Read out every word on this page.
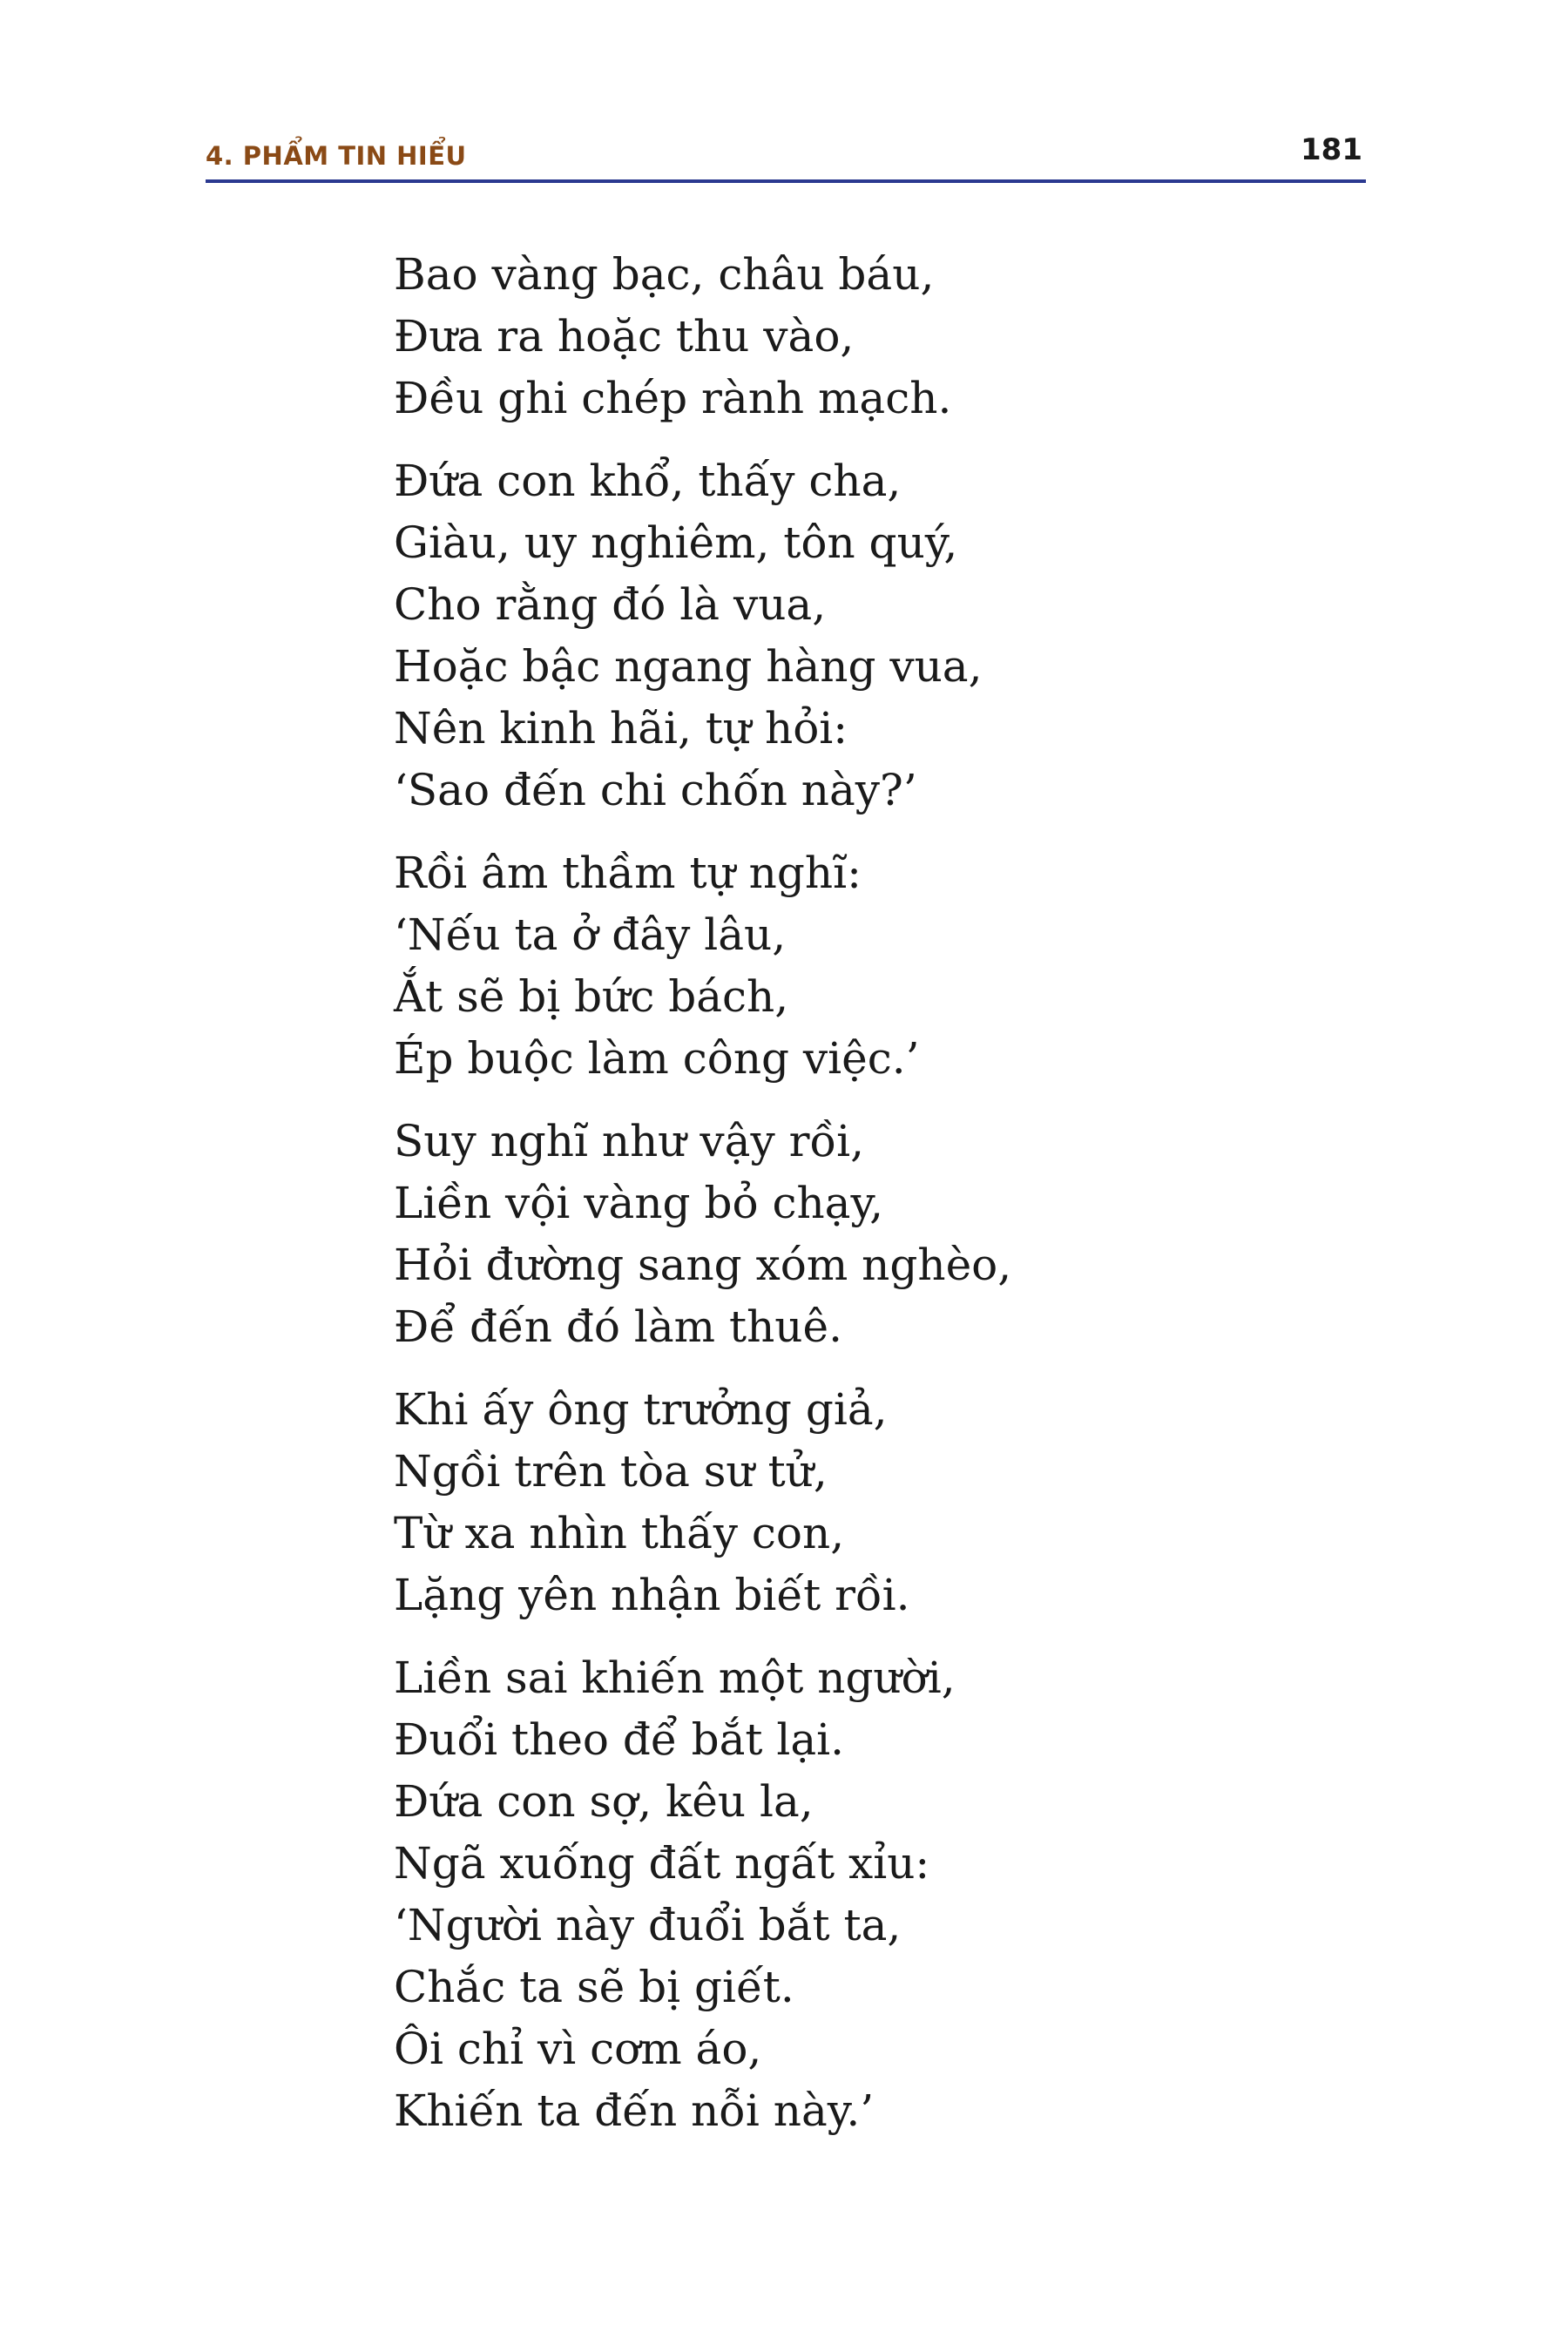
4. PHẨM TIN HIỂU	181
Bao vàng bạc, châu báu,
Đưa ra hoặc thu vào,
Đều ghi chép rành mạch.
Đứa con khổ, thấy cha,
Giàu, uy nghiêm, tôn quý,
Cho rằng đó là vua,
Hoặc bậc ngang hàng vua,
Nên kinh hãi, tự hỏi:
‘Sao đến chi chốn này?’
Rồi âm thầm tự nghĩ:
‘Nếu ta ở đây lâu,
Ắt sẽ bị bức bách,
Ép buộc làm công việc.’
Suy nghĩ như vậy rồi,
Liền vội vàng bỏ chạy,
Hỏi đường sang xóm nghèo,
Để đến đó làm thuê.
Khi ấy ông trưởng giả,
Ngồi trên tòa sư tử,
Từ xa nhìn thấy con,
Lặng yên nhận biết rồi.
Liền sai khiến một người,
Đuổi theo để bắt lại.
Đứa con sợ, kêu la,
Ngã xuống đất ngất xỉu:
‘Người này đuổi bắt ta,
Chắc ta sẽ bị giết.
Ôi chỉ vì cơm áo,
Khiến ta đến nỗi này.’
